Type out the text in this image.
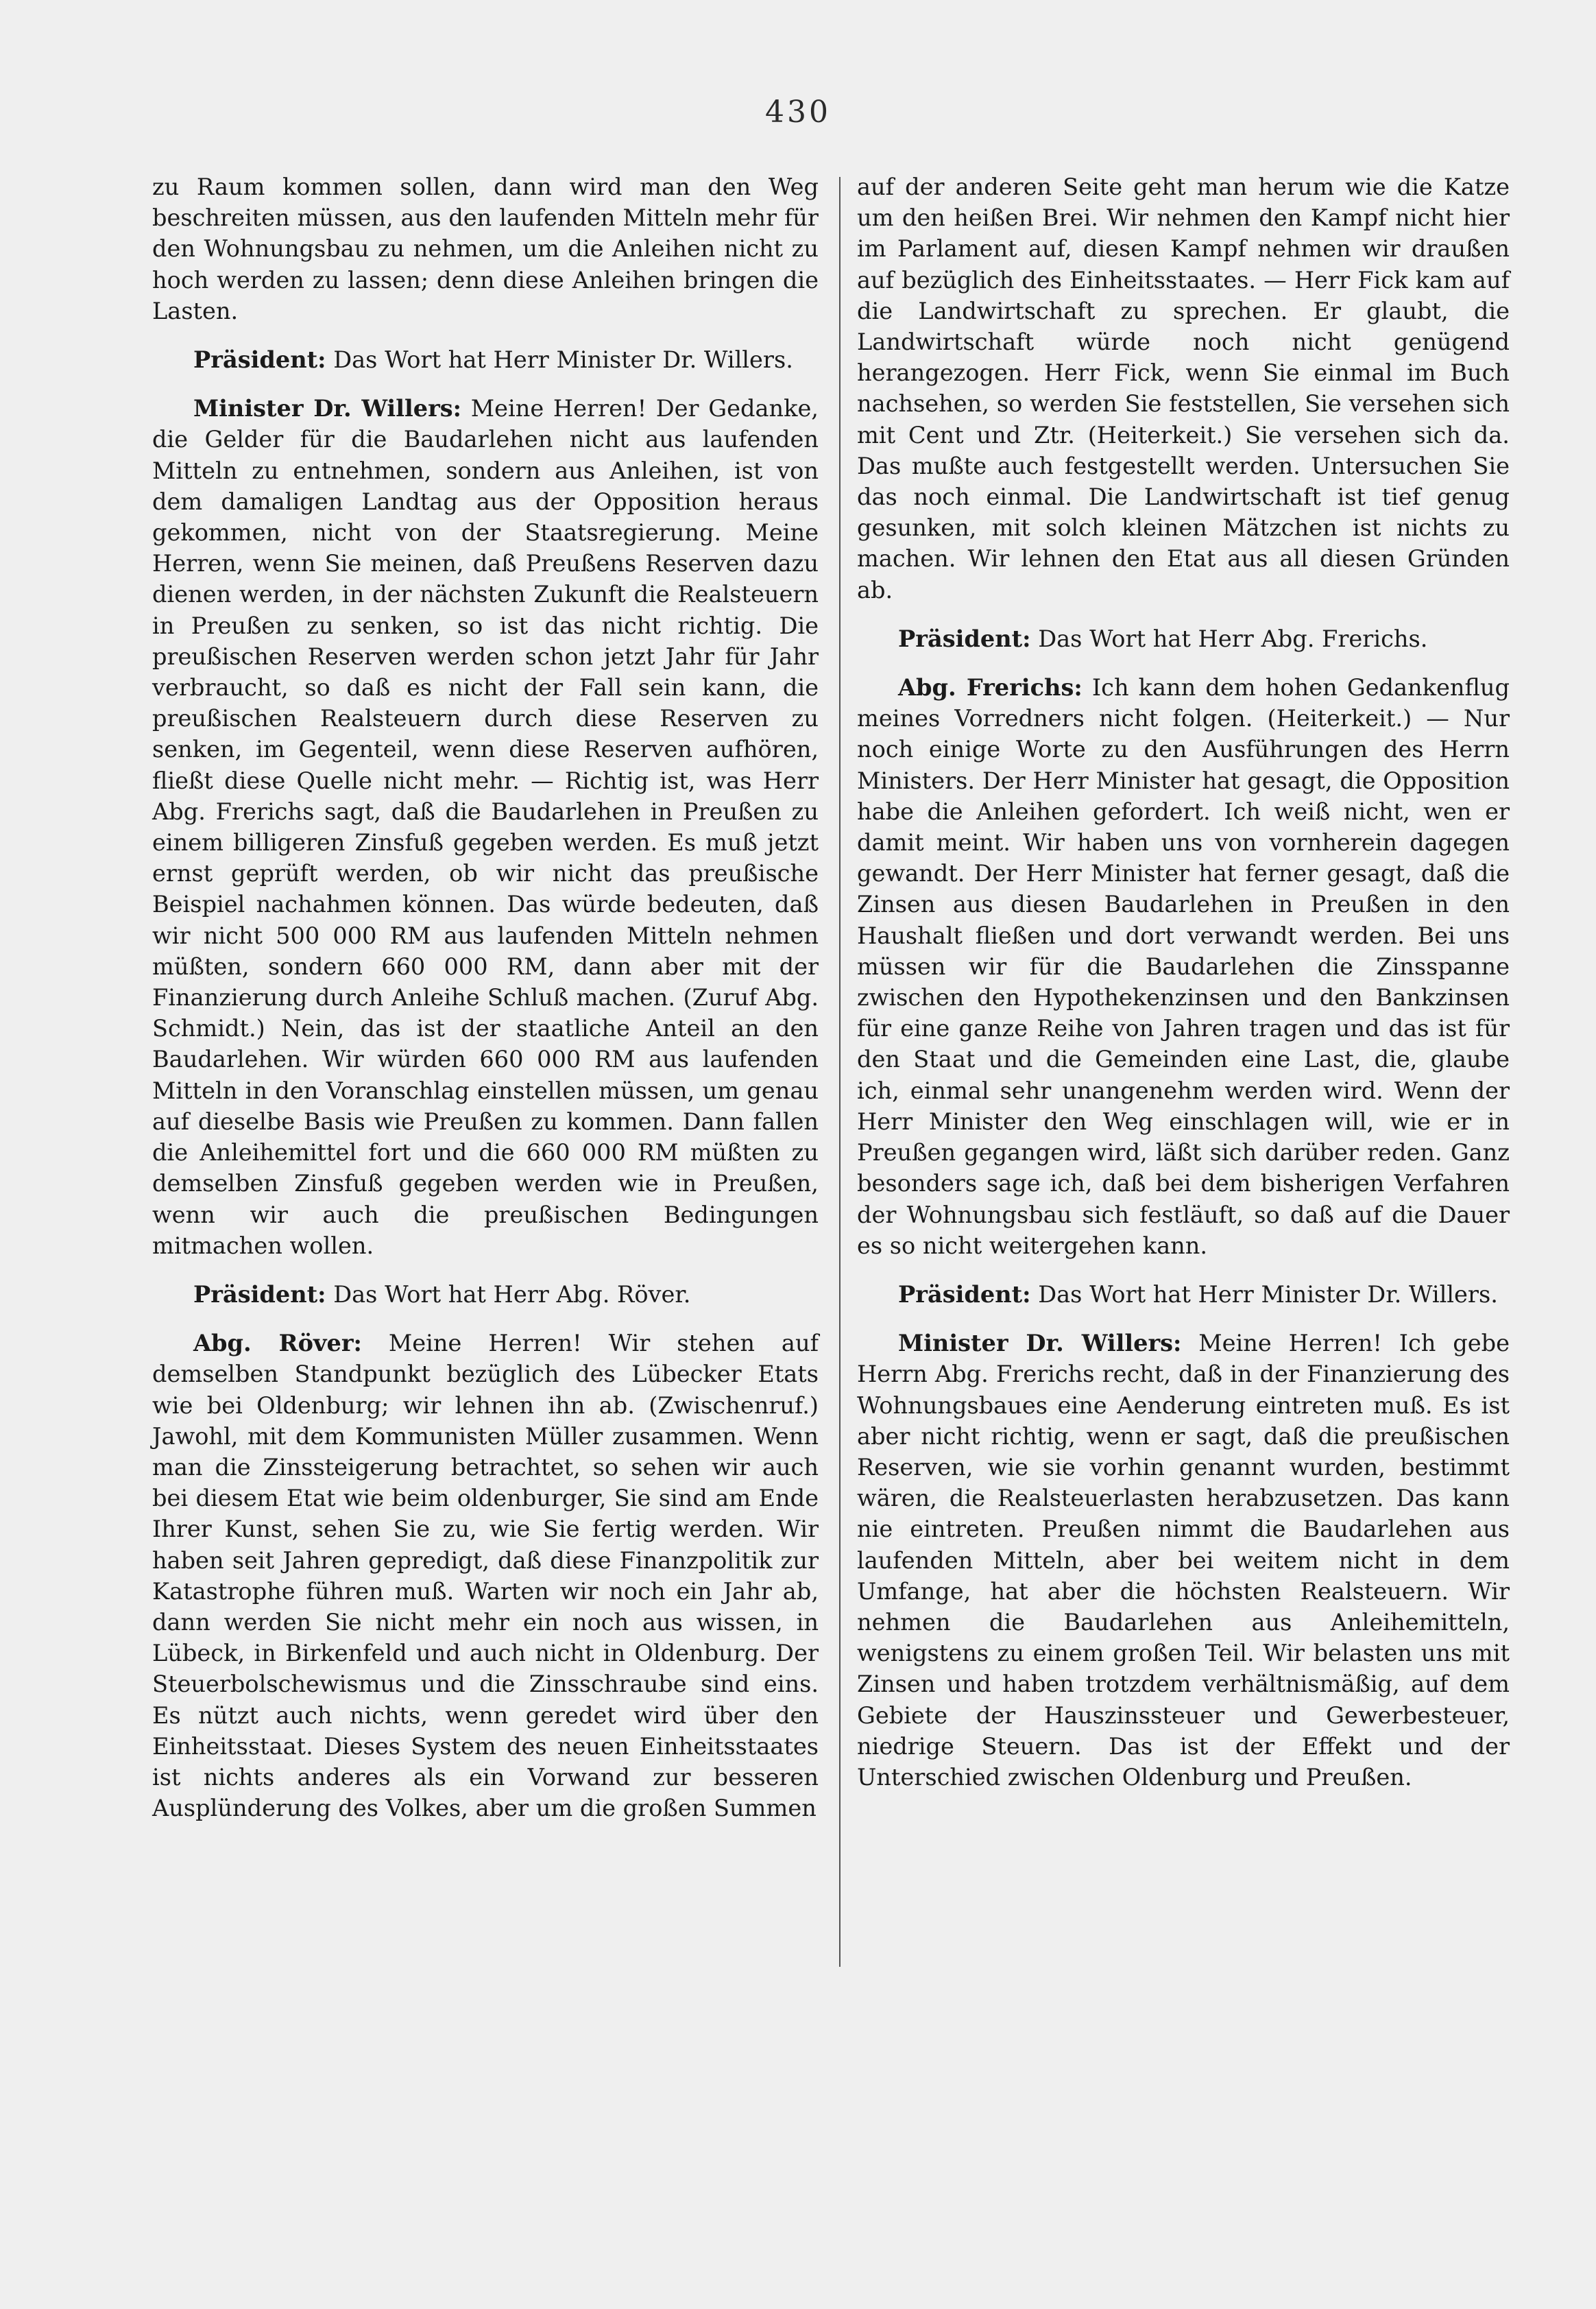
430

zu Raum kommen sollen, dann wird man den Weg beschreiten müssen, aus den laufenden Mitteln mehr für den Wohnungsbau zu nehmen, um die Anleihen nicht zu hoch werden zu lassen; denn diese Anleihen bringen die Lasten.

Präsident: Das Wort hat Herr Minister Dr. Willers.

Minister Dr. Willers: Meine Herren! Der Gedanke, die Gelder für die Baudarlehen nicht aus laufenden Mitteln zu entnehmen, sondern aus Anleihen, ist von dem damaligen Landtag aus der Opposition heraus gekommen, nicht von der Staatsregierung. Meine Herren, wenn Sie meinen, daß Preußens Reserven dazu dienen werden, in der nächsten Zukunft die Realsteuern in Preußen zu senken, so ist das nicht richtig. Die preußischen Reserven werden schon jetzt Jahr für Jahr verbraucht, so daß es nicht der Fall sein kann, die preußischen Realsteuern durch diese Reserven zu senken, im Gegenteil, wenn diese Reserven aufhören, fließt diese Quelle nicht mehr. — Richtig ist, was Herr Abg. Frerichs sagt, daß die Baudarlehen in Preußen zu einem billigeren Zinsfuß gegeben werden. Es muß jetzt ernst geprüft werden, ob wir nicht das preußische Beispiel nachahmen können. Das würde bedeuten, daß wir nicht 500 000 RM aus laufenden Mitteln nehmen müßten, sondern 660 000 RM, dann aber mit der Finanzierung durch Anleihe Schluß machen. (Zuruf Abg. Schmidt.) Nein, das ist der staatliche Anteil an den Baudarlehen. Wir würden 660 000 RM aus laufenden Mitteln in den Voranschlag einstellen müssen, um genau auf dieselbe Basis wie Preußen zu kommen. Dann fallen die Anleihemittel fort und die 660 000 RM müßten zu demselben Zinsfuß gegeben werden wie in Preußen, wenn wir auch die preußischen Bedingungen mitmachen wollen.

Präsident: Das Wort hat Herr Abg. Röver.

Abg. Röver: Meine Herren! Wir stehen auf demselben Standpunkt bezüglich des Lübecker Etats wie bei Oldenburg; wir lehnen ihn ab. (Zwischenruf.) Jawohl, mit dem Kommunisten Müller zusammen. Wenn man die Zinssteigerung betrachtet, so sehen wir auch bei diesem Etat wie beim oldenburger, Sie sind am Ende Ihrer Kunst, sehen Sie zu, wie Sie fertig werden. Wir haben seit Jahren gepredigt, daß diese Finanzpolitik zur Katastrophe führen muß. Warten wir noch ein Jahr ab, dann werden Sie nicht mehr ein noch aus wissen, in Lübeck, in Birkenfeld und auch nicht in Oldenburg. Der Steuerbolschewismus und die Zinsschraube sind eins. Es nützt auch nichts, wenn geredet wird über den Einheitsstaat. Dieses System des neuen Einheitsstaates ist nichts anderes als ein Vorwand zur besseren Ausplünderung des Volkes, aber um die großen Summen

auf der anderen Seite geht man herum wie die Katze um den heißen Brei. Wir nehmen den Kampf nicht hier im Parlament auf, diesen Kampf nehmen wir draußen auf bezüglich des Einheitsstaates. — Herr Fick kam auf die Landwirtschaft zu sprechen. Er glaubt, die Landwirtschaft würde noch nicht genügend herangezogen. Herr Fick, wenn Sie einmal im Buch nachsehen, so werden Sie feststellen, Sie versehen sich mit Cent und Ztr. (Heiterkeit.) Sie versehen sich da. Das mußte auch festgestellt werden. Untersuchen Sie das noch einmal. Die Landwirtschaft ist tief genug gesunken, mit solch kleinen Mätzchen ist nichts zu machen. Wir lehnen den Etat aus all diesen Gründen ab.

Präsident: Das Wort hat Herr Abg. Frerichs.

Abg. Frerichs: Ich kann dem hohen Gedankenflug meines Vorredners nicht folgen. (Heiterkeit.) — Nur noch einige Worte zu den Ausführungen des Herrn Ministers. Der Herr Minister hat gesagt, die Opposition habe die Anleihen gefordert. Ich weiß nicht, wen er damit meint. Wir haben uns von vornherein dagegen gewandt. Der Herr Minister hat ferner gesagt, daß die Zinsen aus diesen Baudarlehen in Preußen in den Haushalt fließen und dort verwandt werden. Bei uns müssen wir für die Baudarlehen die Zinsspanne zwischen den Hypothekenzinsen und den Bankzinsen für eine ganze Reihe von Jahren tragen und das ist für den Staat und die Gemeinden eine Last, die, glaube ich, einmal sehr unangenehm werden wird. Wenn der Herr Minister den Weg einschlagen will, wie er in Preußen gegangen wird, läßt sich darüber reden. Ganz besonders sage ich, daß bei dem bisherigen Verfahren der Wohnungsbau sich festläuft, so daß auf die Dauer es so nicht weitergehen kann.

Präsident: Das Wort hat Herr Minister Dr. Willers.

Minister Dr. Willers: Meine Herren! Ich gebe Herrn Abg. Frerichs recht, daß in der Finanzierung des Wohnungsbaues eine Aenderung eintreten muß. Es ist aber nicht richtig, wenn er sagt, daß die preußischen Reserven, wie sie vorhin genannt wurden, bestimmt wären, die Realsteuerlasten herabzusetzen. Das kann nie eintreten. Preußen nimmt die Baudarlehen aus laufenden Mitteln, aber bei weitem nicht in dem Umfange, hat aber die höchsten Realsteuern. Wir nehmen die Baudarlehen aus Anleihemitteln, wenigstens zu einem großen Teil. Wir belasten uns mit Zinsen und haben trotzdem verhältnismäßig, auf dem Gebiete der Hauszinssteuer und Gewerbesteuer, niedrige Steuern. Das ist der Effekt und der Unterschied zwischen Oldenburg und Preußen.
